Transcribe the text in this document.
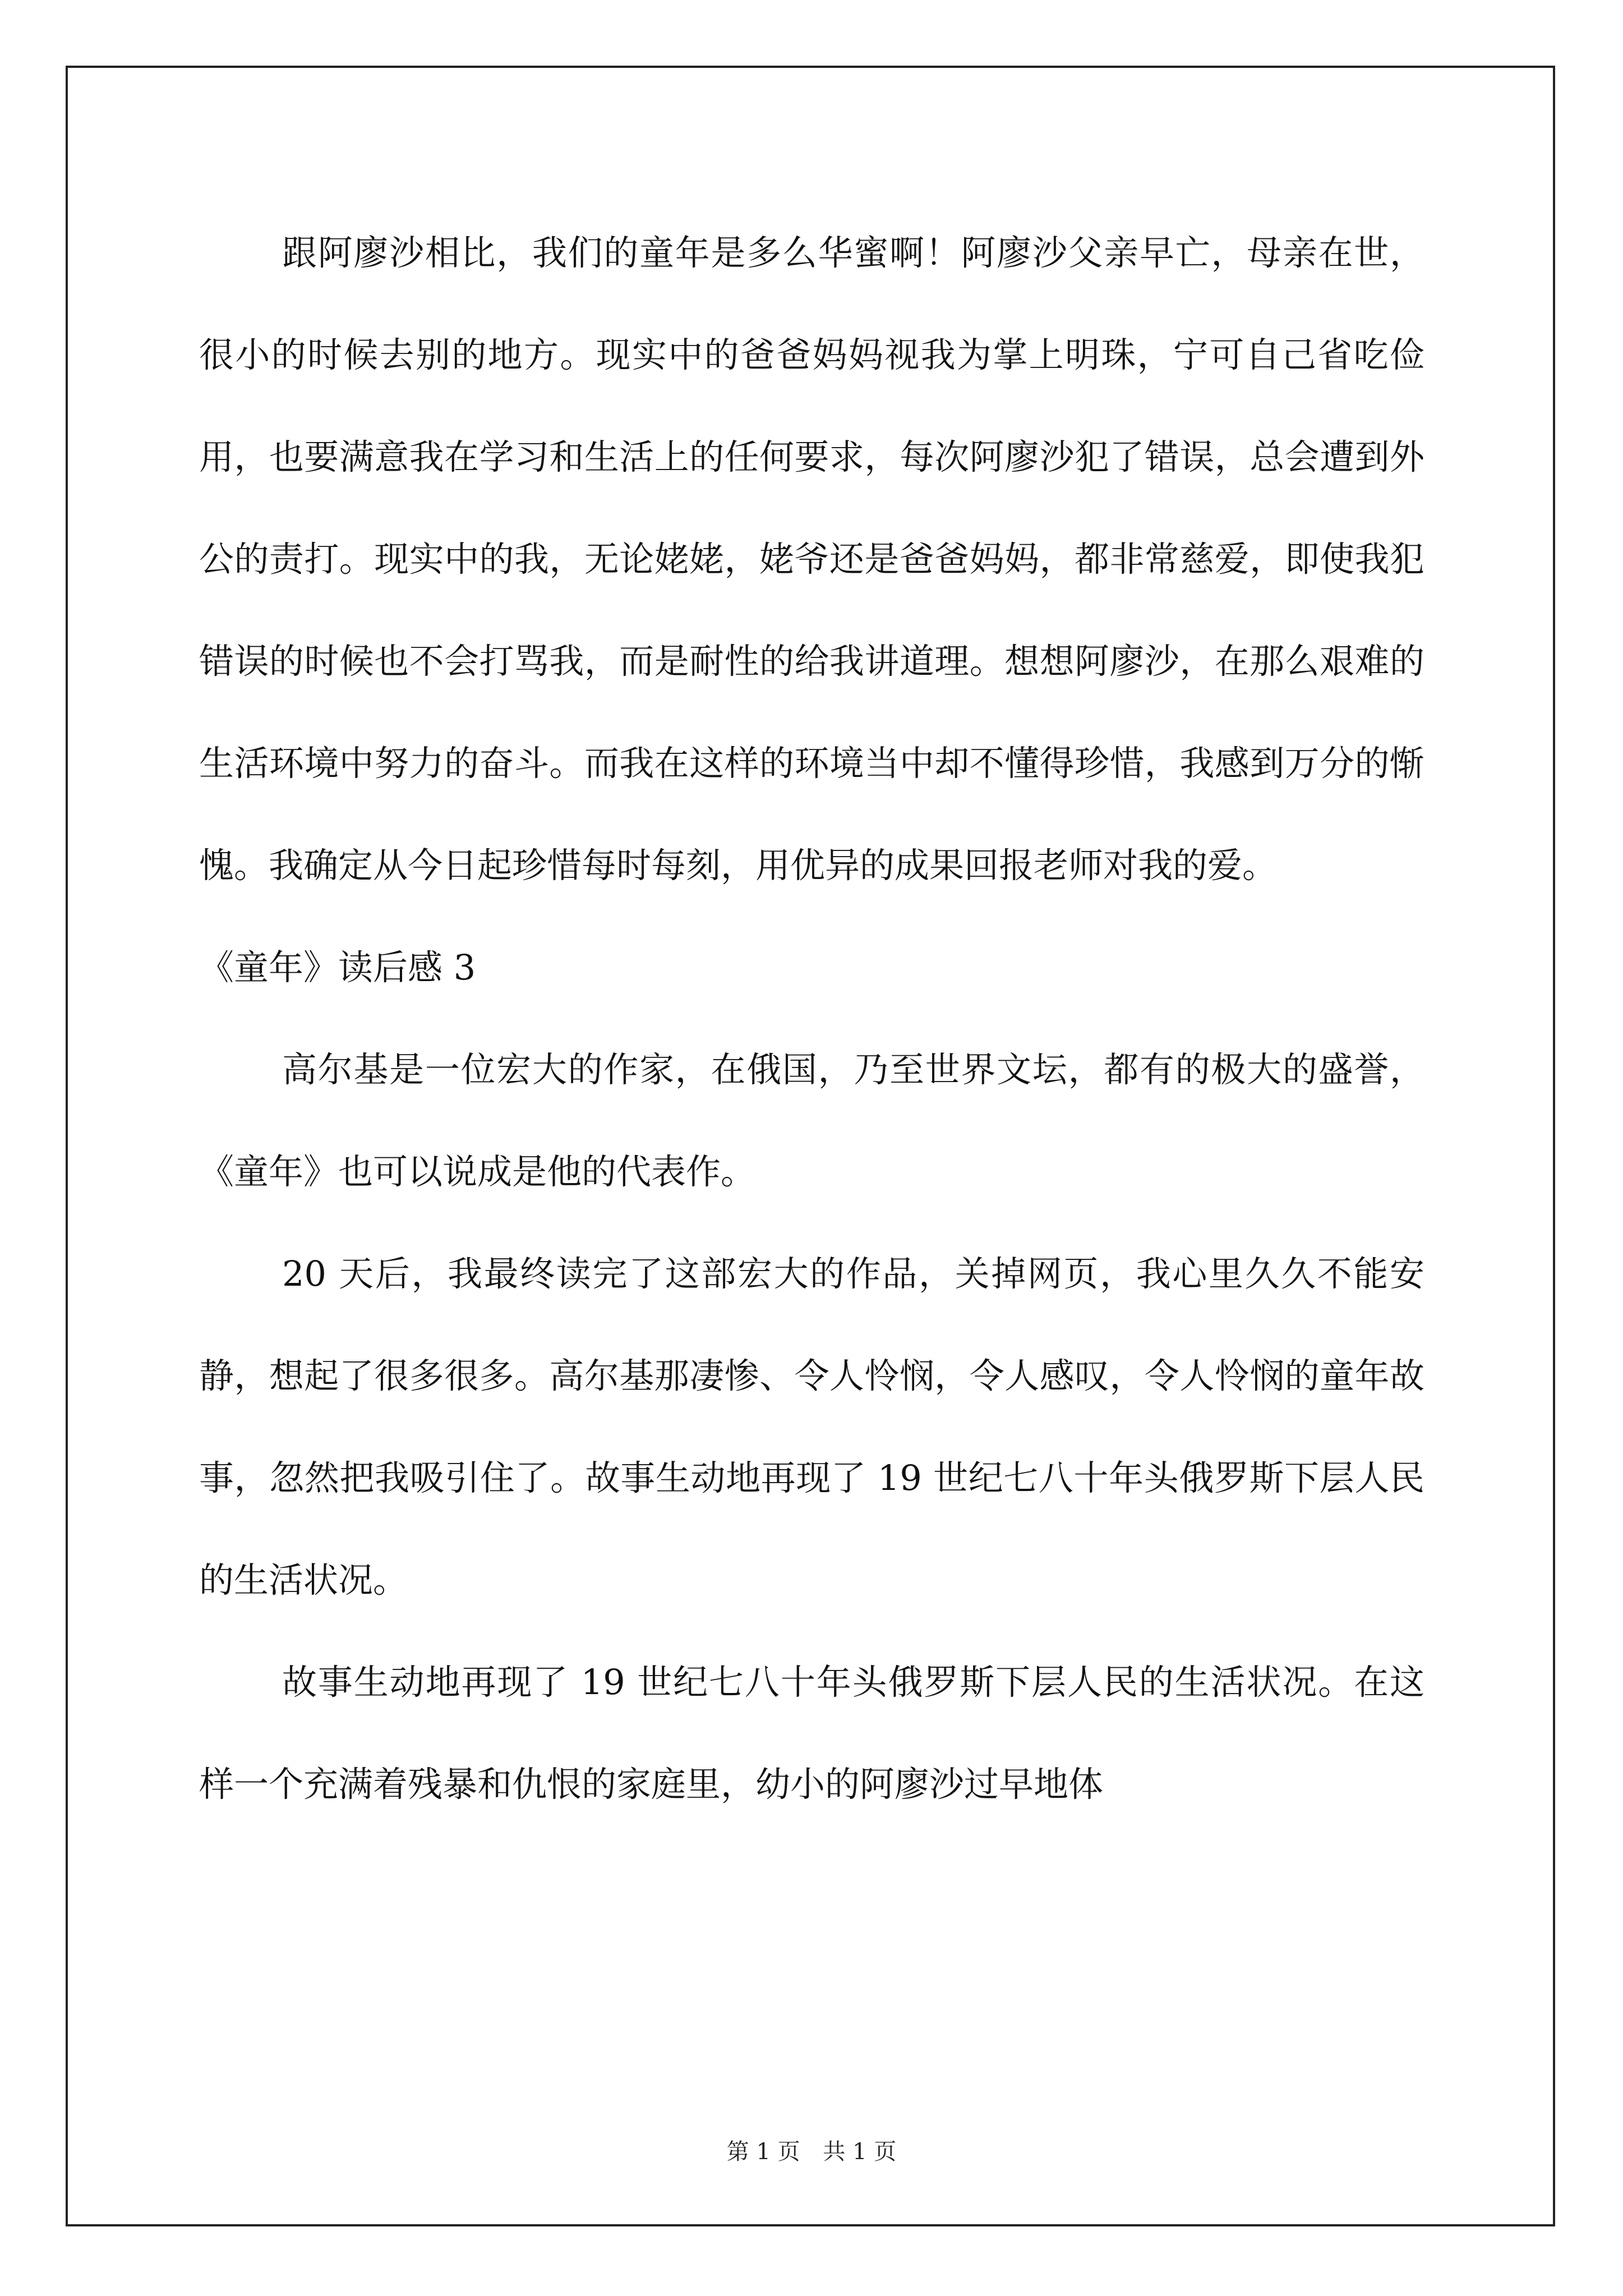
跟阿廖沙相比，我们的童年是多么华蜜啊！阿廖沙父亲早亡，母亲在世，很小的时候去别的地方。现实中的爸爸妈妈视我为掌上明珠，宁可自己省吃俭用，也要满意我在学习和生活上的任何要求，每次阿廖沙犯了错误，总会遭到外公的责打。现实中的我，无论姥姥，姥爷还是爸爸妈妈，都非常慈爱，即使我犯错误的时候也不会打骂我，而是耐性的给我讲道理。想想阿廖沙，在那么艰难的生活环境中努力的奋斗。而我在这样的环境当中却不懂得珍惜，我感到万分的惭愧。我确定从今日起珍惜每时每刻，用优异的成果回报老师对我的爱。

《童年》读后感 3

高尔基是一位宏大的作家，在俄国，乃至世界文坛，都有的极大的盛誉，《童年》也可以说成是他的代表作。

20 天后，我最终读完了这部宏大的作品，关掉网页，我心里久久不能安静，想起了很多很多。高尔基那凄惨、令人怜悯，令人感叹，令人怜悯的童年故事，忽然把我吸引住了。故事生动地再现了 19 世纪七八十年头俄罗斯下层人民的生活状况。

故事生动地再现了 19 世纪七八十年头俄罗斯下层人民的生活状况。在这样一个充满着残暴和仇恨的家庭里，幼小的阿廖沙过早地体

第 1 页 共 1 页
